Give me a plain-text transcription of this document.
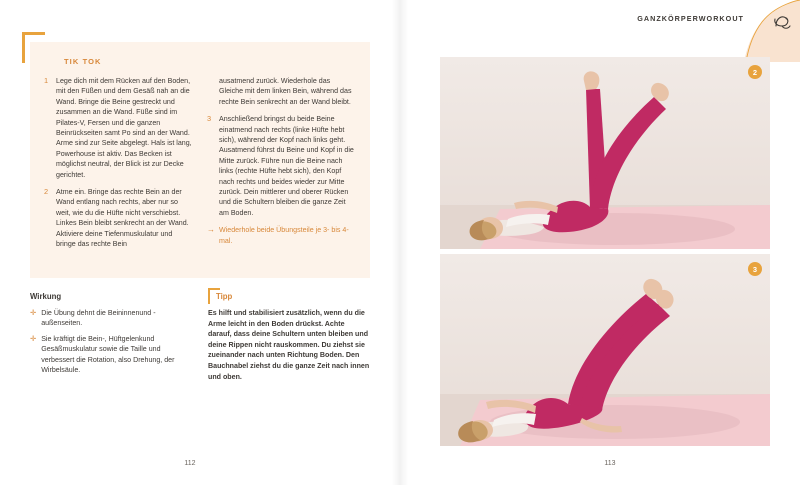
TIK TOK
1	Lege dich mit dem Rücken auf den Boden, mit den Füßen und dem Gesäß nah an die Wand. Bringe die Beine gestreckt und zusammen an die Wand. Füße sind im Pilates-V, Fersen und die ganzen Beinrückseiten samt Po sind an der Wand. Arme sind zur Seite abgelegt. Hals ist lang, Powerhouse ist aktiv. Das Becken ist möglichst neutral, der Blick ist zur Decke gerichtet.
2	Atme ein. Bringe das rechte Bein an der Wand entlang nach rechts, aber nur so weit, wie du die Hüfte nicht verschiebst. Linkes Bein bleibt senkrecht an der Wand. Aktiviere deine Tiefenmuskulatur und bringe das rechte Bein
ausatmend zurück. Wiederhole das Gleiche mit dem linken Bein, während das rechte Bein senkrecht an der Wand bleibt.
3	Anschließend bringst du beide Beine einatmend nach rechts (linke Hüfte hebt sich), während der Kopf nach links geht. Ausatmend führst du Beine und Kopf in die Mitte zurück. Führe nun die Beine nach links (rechte Hüfte hebt sich), den Kopf nach rechts und beides wieder zur Mitte zurück. Dein mittlerer und oberer Rücken und die Schultern bleiben die ganze Zeit am Boden.
→ Wiederhole beide Übungsteile je 3- bis 4-mal.
Wirkung
✛ Die Übung dehnt die Beininnenund -außenseiten.
✛ Sie kräftigt die Bein-, Hüftgelenkund Gesäßmuskulatur sowie die Taille und verbessert die Rotation, also Drehung, der Wirbelsäule.
Tipp
Es hilft und stabilisiert zusätzlich, wenn du die Arme leicht in den Boden drückst. Achte darauf, dass deine Schultern unten bleiben und deine Rippen nicht rauskommen. Du ziehst sie zueinander nach unten Richtung Boden. Den Bauchnabel ziehst du die ganze Zeit nach innen und oben.
112
GANZKÖRPERWORKOUT
2
3
113
